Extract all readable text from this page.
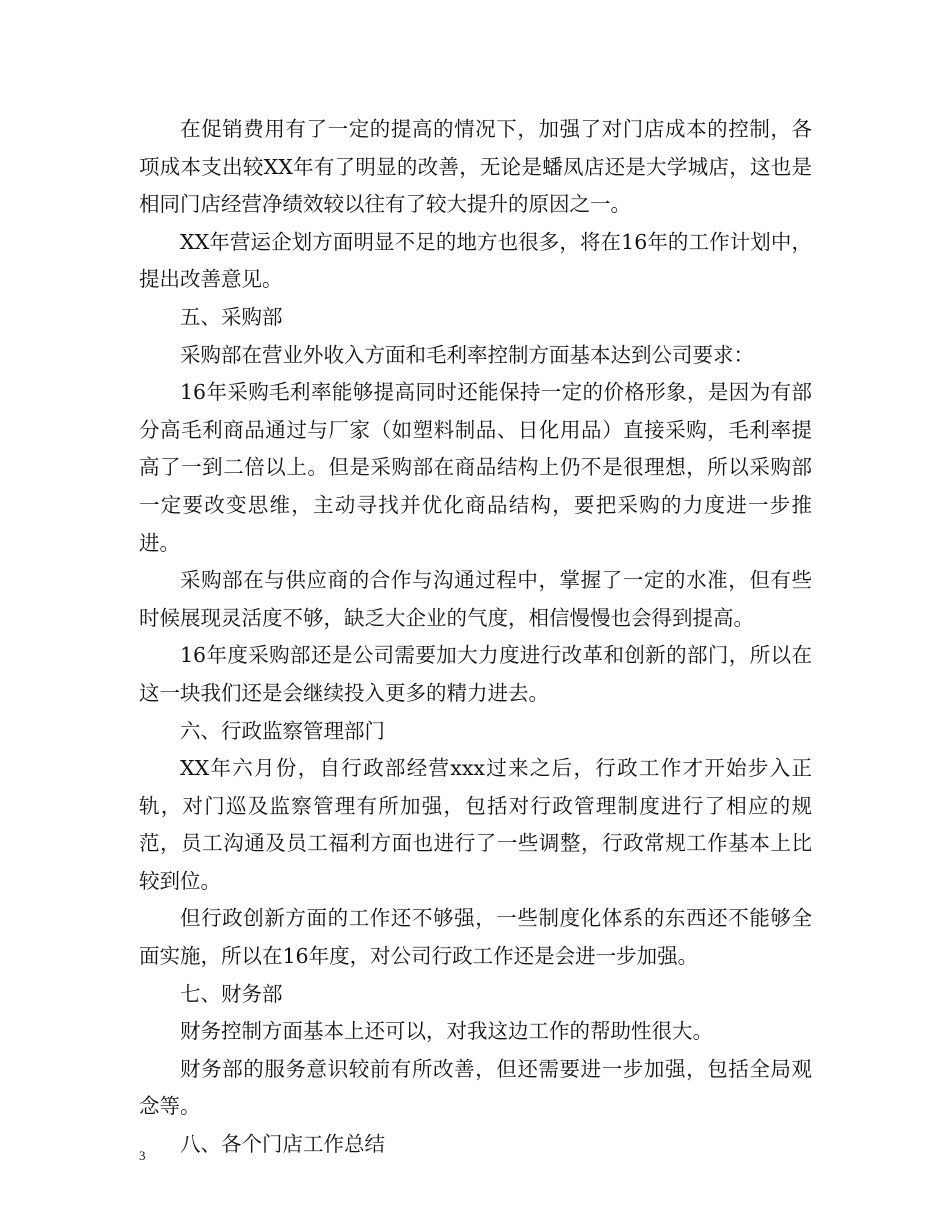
在促销费用有了一定的提高的情况下，加强了对门店成本的控制，各项成本支出较XX年有了明显的改善，无论是蟠凤店还是大学城店，这也是相同门店经营净绩效较以往有了较大提升的原因之一。

XX年营运企划方面明显不足的地方也很多，将在16年的工作计划中，提出改善意见。

五、采购部

采购部在营业外收入方面和毛利率控制方面基本达到公司要求：

16年采购毛利率能够提高同时还能保持一定的价格形象，是因为有部分高毛利商品通过与厂家（如塑料制品、日化用品）直接采购，毛利率提高了一到二倍以上。但是采购部在商品结构上仍不是很理想，所以采购部一定要改变思维，主动寻找并优化商品结构，要把采购的力度进一步推进。

采购部在与供应商的合作与沟通过程中，掌握了一定的水准，但有些时候展现灵活度不够，缺乏大企业的气度，相信慢慢也会得到提高。

16年度采购部还是公司需要加大力度进行改革和创新的部门，所以在这一块我们还是会继续投入更多的精力进去。

六、行政监察管理部门

XX年六月份，自行政部经营xxx过来之后，行政工作才开始步入正轨，对门巡及监察管理有所加强，包括对行政管理制度进行了相应的规范，员工沟通及员工福利方面也进行了一些调整，行政常规工作基本上比较到位。

但行政创新方面的工作还不够强，一些制度化体系的东西还不能够全面实施，所以在16年度，对公司行政工作还是会进一步加强。

七、财务部

财务控制方面基本上还可以，对我这边工作的帮助性很大。

财务部的服务意识较前有所改善，但还需要进一步加强，包括全局观念等。

八、各个门店工作总结

3
